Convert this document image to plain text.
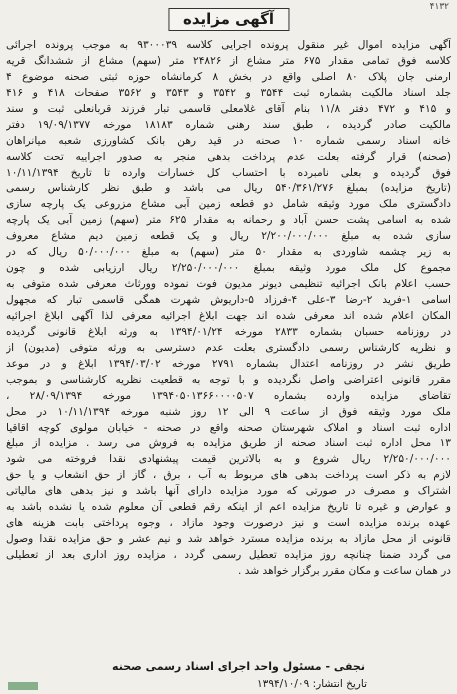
۴۱۳۲
آگهی مزایده
آگهی مزایده اموال غیر منقول پرونده اجرایی کلاسه ۹۳۰۰۰۳۹ به موجب پرونده اجرائی
کلاسه فوق تمامی مقدار ۶۷۵ متر مشاع از ۲۴۸۲۶ متر (سهم) مشاع از ششدانگ قریه
ارمنی جان پلاک ۸۰ اصلی واقع در بخش ۸ کرمانشاه حوزه ثبتی صحنه موضوع ۴
جلد اسناد مالکیت بشماره ثبت ۳۵۴۴ و ۳۵۴۲ و ۳۵۴۳ و ۳۵۶۲ صفحات ۴۱۸ و ۴۱۶
و ۴۱۵ و ۴۷۲ دفتر ۱۱/۸ بنام آقای غلامعلی قاسمی تبار فرزند قربانعلی ثبت و سند
مالکیت صادر گردیده ، طبق سند رهنی شماره ۱۸۱۸۳ مورخه ۱۹/۰۹/۱۳۷۷ دفتر
خانه اسناد رسمی شماره ۱۰ صحنه در قید رهن بانک کشاورزی شعبه میانراهان
(صحنه) قرار گرفته بعلت عدم پرداخت بدهی منجر به صدور اجراییه تحت کلاسه
فوق گردیده و بعلی نامبرده با احتساب کل خسارات وارده تا تاریخ ۱۰/۱۱/۱۳۹۴
(تاریخ مزایده) بمبلغ ۵۴۰/۳۶۱/۲۷۶ ریال می باشد و طبق نظر کارشناس رسمی
دادگستری ملک مورد وثیقه شامل دو قطعه زمین آبی مشاع مزروعی یک پارچه سازی
شده به اسامی پشت حسن آباد و رحمانه به مقدار ۶۲۵ متر (سهم) زمین آبی یک پارچه
سازی شده به مبلغ ۲/۲۰۰/۰۰۰/۰۰۰ ریال و یک قطعه زمین دیم مشاع معروف
به زیر چشمه شاوردی به مقدار ۵۰ متر (سهم) به مبلغ ۵۰/۰۰۰/۰۰۰ ریال که در
مجموع کل ملک مورد وثیقه بمبلغ ۲/۲۵۰/۰۰۰/۰۰۰ ریال ارزیابی شده و چون
حسب اعلام بانک اجرائیه تنظیمی دیونر مدیون فوت نموده وورثاث معرفی شده متوفی به
اسامی ۱-فرید ۲-رضا ۳-علی ۴-فرزاد ۵-داریوش شهرت همگی قاسمی تبار که مجهول
المکان اعلام شده اند معرفی شده اند جهت ابلاغ اجرائیه معرفی لذا آگهی ابلاغ اجرائیه
در روزنامه حسبان بشماره ۲۸۳۳ مورخه ۱۳۹۴/۰۱/۲۴ به ورثه ابلاغ قانونی گردیده
و نظریه کارشناس رسمی دادگستری بعلت عدم دسترسی به ورثه متوفی (مدیون) از
طریق نشر در روزنامه اعتدال بشماره ۲۷۹۱ مورخه ۱۳۹۴/۰۳/۰۲ ابلاغ و در موعد
مقرر قانونی اعتراضی واصل نگردیده و با توجه به قطعیت نظریه کارشناسی و بموجب
تقاضای مزایده وارده بشماره ۱۳۹۴۰۵۰۱۳۶۶۰۰۰۰۵۰۷ مورخه ۲۸/۰۹/۱۳۹۴ ،
ملک مورد وثیقه فوق از ساعت ۹ الی ۱۲ روز شنبه مورخه ۱۰/۱۱/۱۳۹۴ در محل
اداره ثبت اسناد و املاک شهرستان صحنه واقع در صحنه - خیابان مولوی کوچه اقاقیا
۱۳ محل اداره ثبت اسناد صحنه از طریق مزایده به فروش می رسد . مزایده از مبلغ
۲/۲۵۰/۰۰۰/۰۰۰ ریال شروع و به بالاترین قیمت پیشنهادی نقدا فروخته می شود
لازم به ذکر است پرداخت بدهی های مربوط به آب ، برق ، گاز از حق انشعاب و یا حق
اشتراک و مصرف در صورتی که مورد مزایده دارای آنها باشد و نیز بدهی های مالیاتی
و عوارض و غیره تا تاریخ مزایده اعم از اینکه رقم قطعی آن معلوم شده یا نشده باشد به
عهده برنده مزایده است و نیز درصورت وجود مازاد ، وجوه پرداختی بابت هزینه های
قانونی از محل مازاد به برنده مزایده مسترد خواهد شد و نیم عشر و حق مزایده نقدا وصول
می گردد ضمنا چنانچه روز مزایده تعطیل رسمی گردد ، مزایده روز اداری بعد از تعطیلی
در همان ساعت و مکان مقرر برگزار خواهد شد .
نجفی - مسئول واحد اجرای اسناد رسمی صحنه
تاریخ انتشار: ۱۳۹۴/۱۰/۰۹
